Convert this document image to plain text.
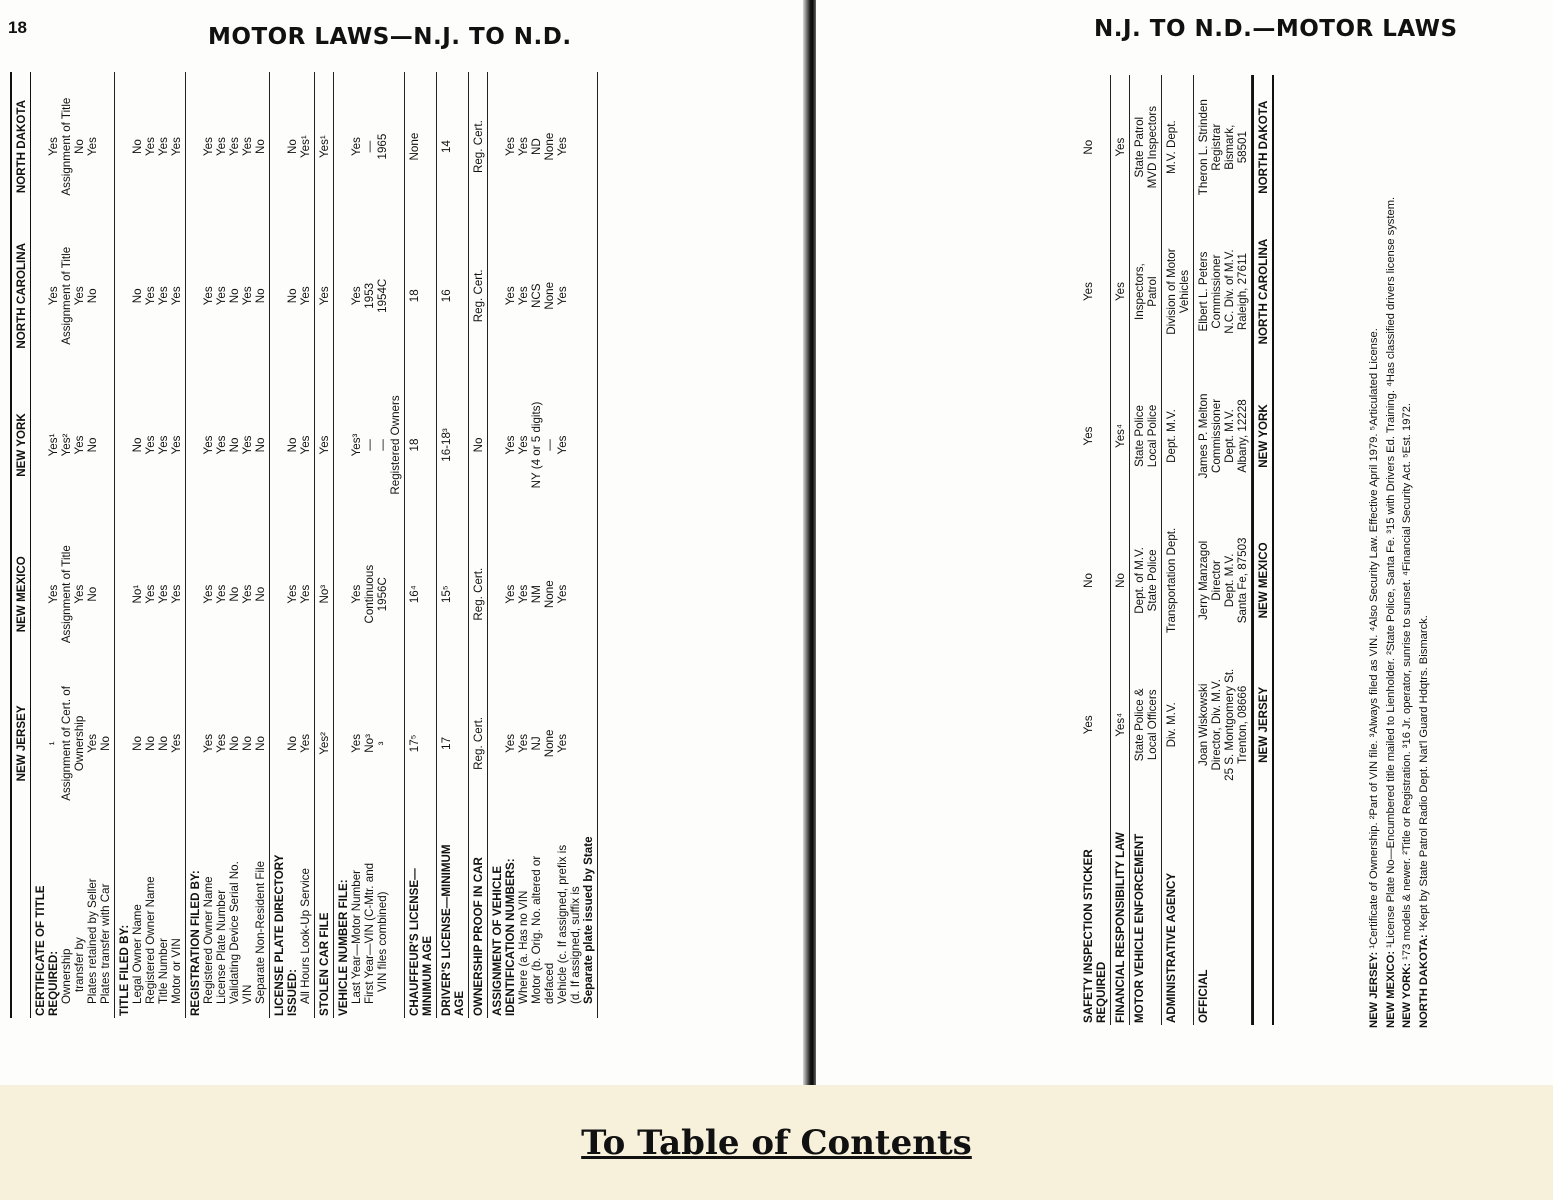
18	MOTOR LAWS—N.J. TO N.D.
NEW JERSEY
NEW MEXICO
NEW YORK
NORTH CAROLINA
NORTH DAKOTA
CERTIFICATE OF TITLE REQUIRED: Ownership transfer by Plates retained by Seller Plates transfer with Car
¹ Assignment of Cert. of Ownership Yes No
Yes Assignment of Title Yes No
Yes¹ Yes² Yes No
Yes Assignment of Title Yes No
Yes Assignment of Title No Yes
TITLE FILED BY: Legal Owner Name Registered Owner Name Title Number Motor or VIN
No No No Yes
No¹ Yes Yes Yes
No Yes Yes Yes
No Yes Yes Yes
No Yes Yes Yes
REGISTRATION FILED BY: Registered Owner Name License Plate Number Validating Device Serial No. VIN Separate Non-Resident File
Yes Yes No No No
Yes Yes No Yes No
Yes Yes No Yes No
Yes Yes No Yes No
Yes Yes Yes Yes No
LICENSE PLATE DIRECTORY ISSUED: All Hours Look-Up Service
No Yes
Yes Yes
No Yes
No Yes
No Yes¹
STOLEN CAR FILE
Yes²
No³
Yes
Yes
Yes¹
VEHICLE NUMBER FILE: Last Year—Motor Number First Year—VIN (C-Mtr. and VIN files combined)
Yes No³ ³
Yes Continuous 1956C
Yes³ — — Registered Owners
Yes 1953 1954C
Yes — 1965
CHAUFFEUR'S LICENSE—MINIMUM AGE
17⁵
16⁴
18
18
None
DRIVER'S LICENSE—MINIMUM AGE
17
15⁵
16-18³
16
14
OWNERSHIP PROOF IN CAR
Reg. Cert.
Reg. Cert.
No
Reg. Cert.
Reg. Cert.
ASSIGNMENT OF VEHICLE IDENTIFICATION NUMBERS: Where (a. Has no VIN Motor (b. Orig. No. altered or defaced Vehicle (c. If assigned, prefix is (d. If assigned, suffix is Separate plate issued by State
Yes Yes NJ None Yes
Yes Yes NM None Yes
Yes Yes NY (4 or 5 digits) — Yes
Yes Yes NCS None Yes
Yes Yes ND None Yes
N.J. TO N.D.—MOTOR LAWS
SAFETY INSPECTION STICKER REQUIRED
Yes
No
Yes
Yes
No
FINANCIAL RESPONSIBILITY LAW
Yes⁴
No
Yes⁴
Yes
Yes
MOTOR VEHICLE ENFORCEMENT
State Police & Local Officers
Dept. of M.V. State Police
State Police Local Police
Inspectors, Patrol
State Patrol MVD Inspectors
ADMINISTRATIVE AGENCY
Div. M.V.
Transportation Dept.
Dept. M.V.
Division of Motor Vehicles
M.V. Dept.
OFFICIAL
Joan Wiskowski Director, Div. M.V. 25 S. Montgomery St. Trenton, 08666
Jerry Manzagol Director Dept. M.V. Santa Fe, 87503
James P. Melton Commissioner Dept. M.V. Albany, 12228
Elbert L. Peters Commissioner N.C. Div. of M.V. Raleigh, 27611
Theron L. Strinden Registrar Bismark, 58501
NEW JERSEY
NEW MEXICO
NEW YORK
NORTH CAROLINA
NORTH DAKOTA

NEW JERSEY: ¹Certificate of Ownership. ²Part of VIN file. ³Always filed as VIN. ⁴Also Security Law. Effective April 1979. ⁵Articulated License.

NEW MEXICO: ¹License Plate No—Encumbered title mailed to Lienholder. ²State Police, Santa Fe. ³15 with Drivers Ed. Training. ⁴Has classified drivers license system.

NEW YORK: ¹73 models & newer. ²Title or Registration. ³16 Jr. operator, sunrise to sunset. ⁴Financial Security Act. ⁵Est. 1972.

NORTH DAKOTA: ¹Kept by State Patrol Radio Dept. Nat'l Guard Hdqtrs. Bismarck.

To Table of Contents
